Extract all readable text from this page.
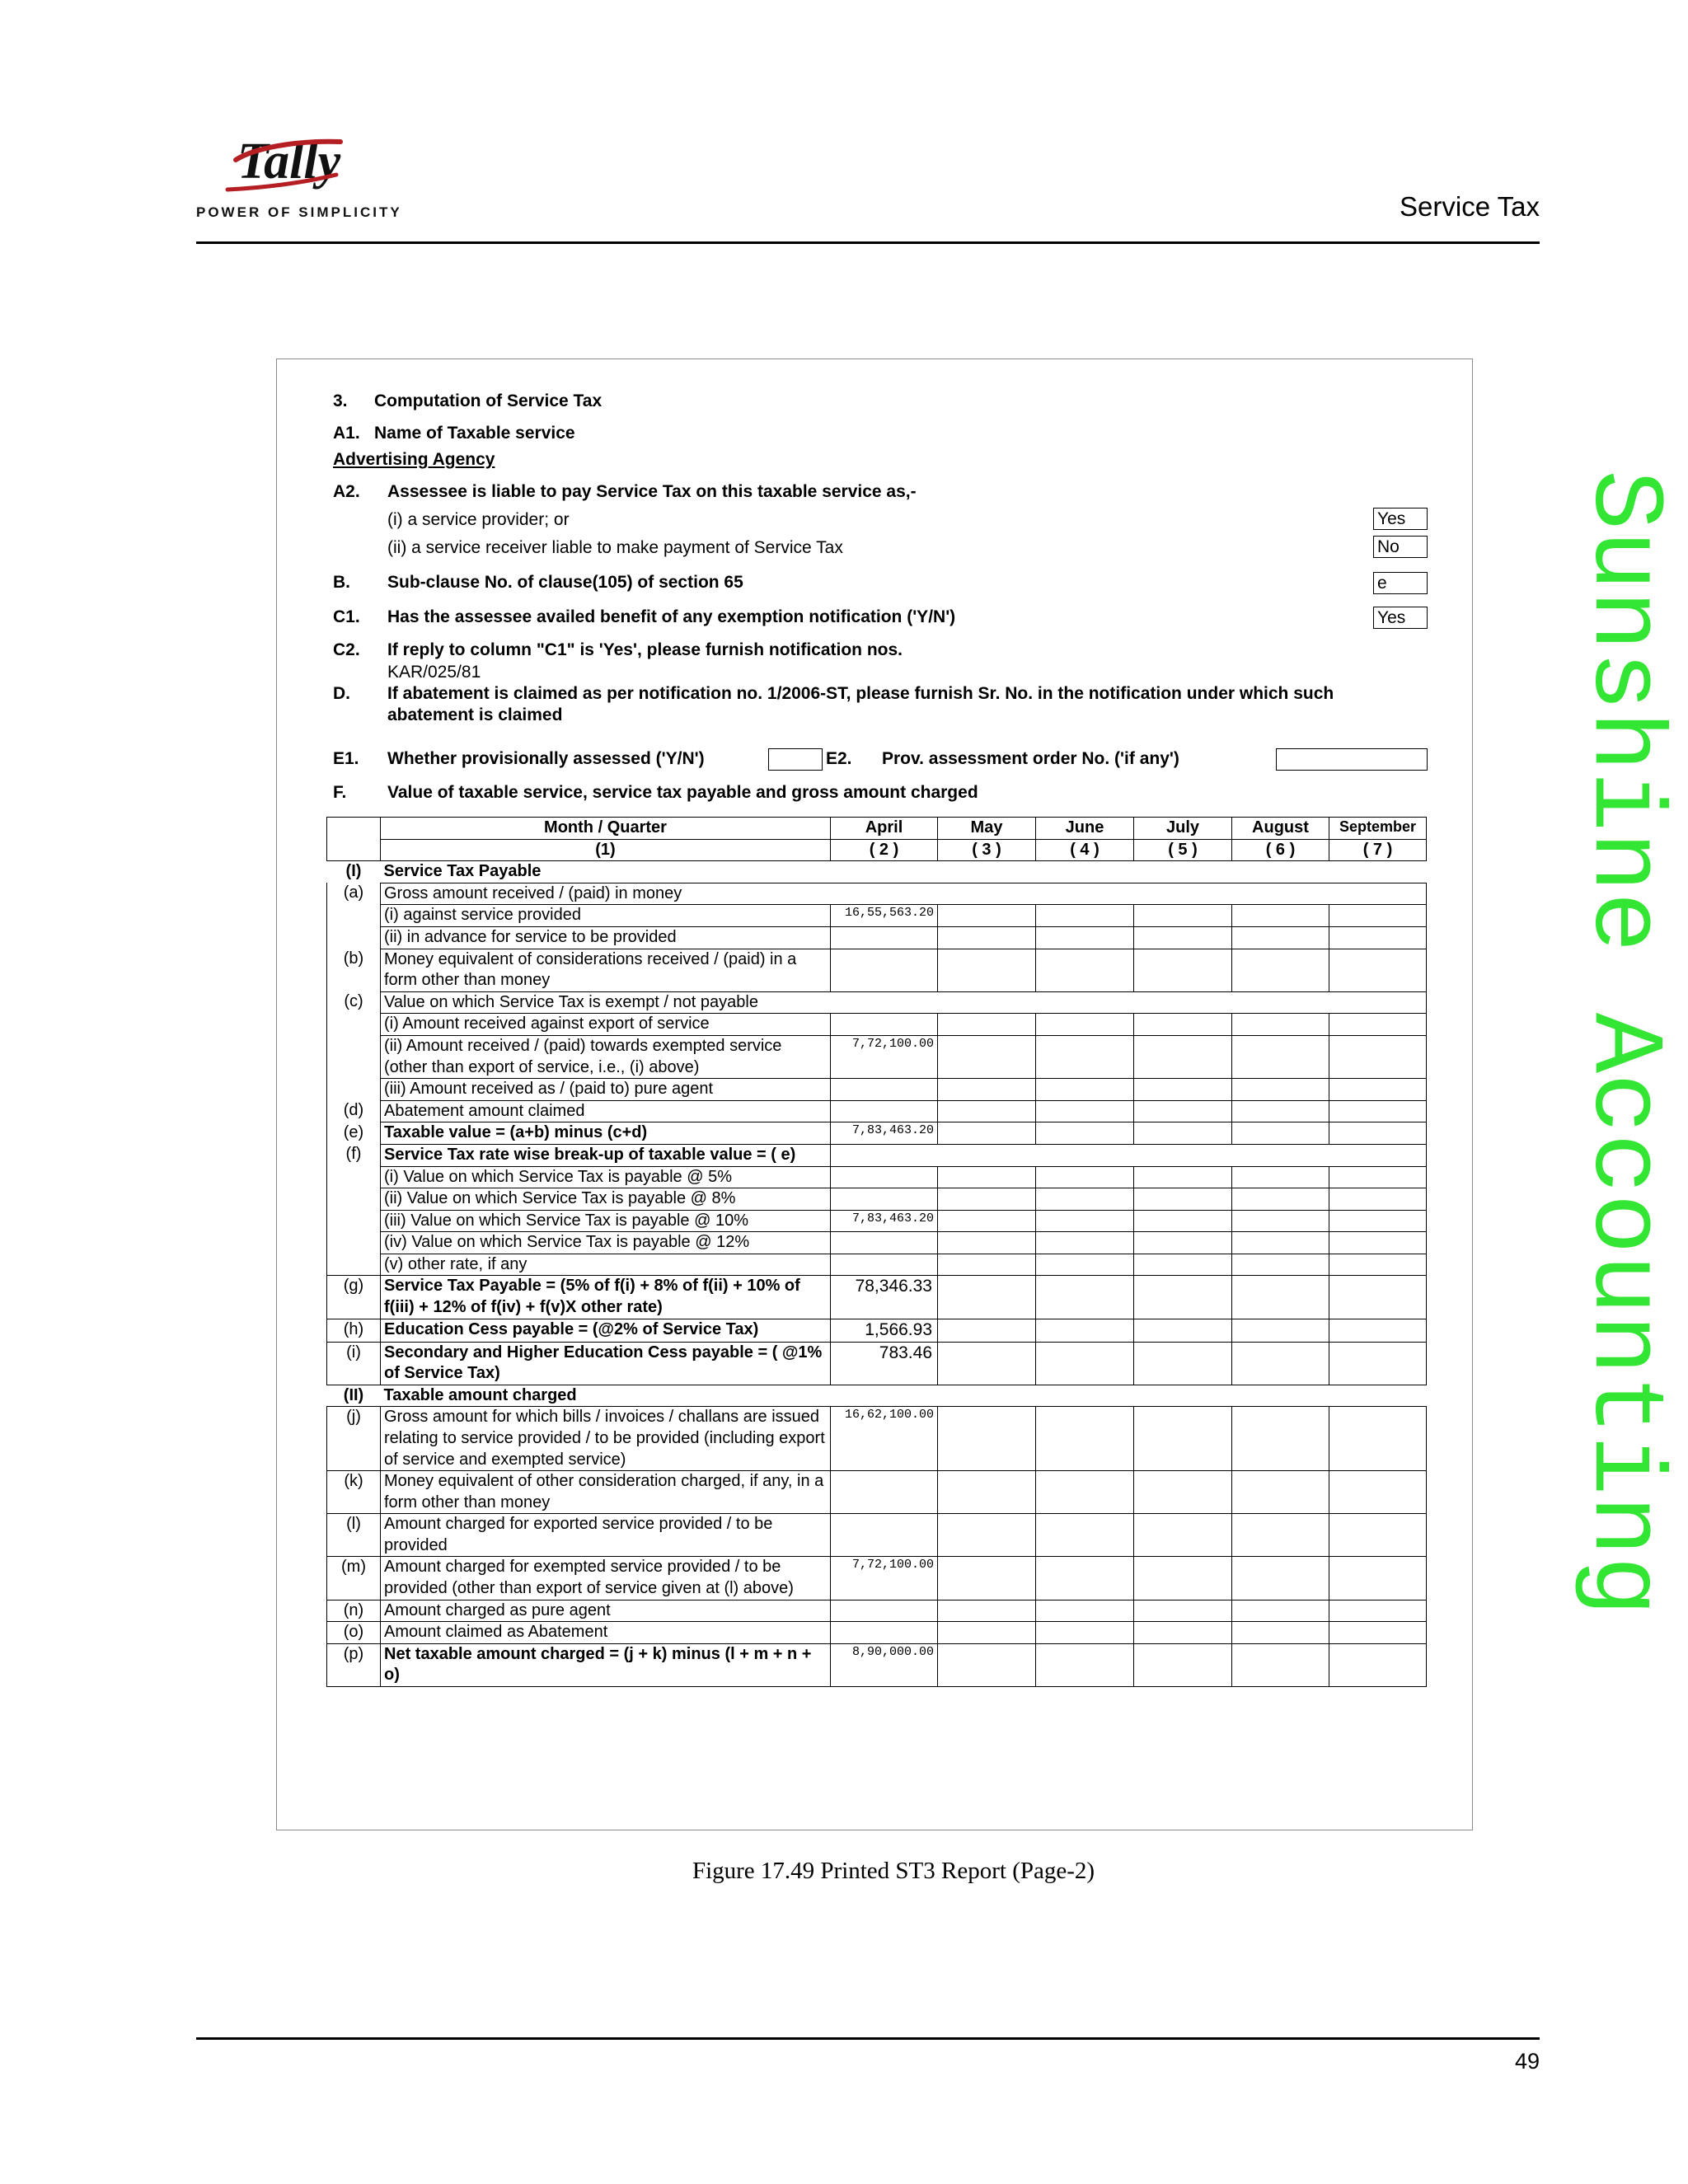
Tally
POWER OF SIMPLICITY	Service Tax
Sunshine Accounting
3. Computation of Service Tax
A1. Name of Taxable service
Advertising Agency
A2. Assessee is liable to pay Service Tax on this taxable service as,-
(i) a service provider; or	Yes
(ii) a service receiver liable to make payment of Service Tax	No
B. Sub-clause No. of clause(105) of section 65	e
C1. Has the assessee availed benefit of any exemption notification ('Y/N')	Yes
C2. If reply to column "C1" is 'Yes', please furnish notification nos.
KAR/025/81
D. If abatement is claimed as per notification no. 1/2006-ST, please furnish Sr. No. in the notification under which such
abatement is claimed
E1. Whether provisionally assessed ('Y/N')	E2. Prov. assessment order No. ('if any')
F. Value of taxable service, service tax payable and gross amount charged
	Month / Quarter	April	May	June	July	August	September
	(1)	( 2 )	( 3 )	( 4 )	( 5 )	( 6 )	( 7 )
(I)	Service Tax Payable						
(a)	Gross amount received / (paid) in money						
	(i) against service provided	16,55,563.20					
	(ii) in advance for service to be provided						
(b)	Money equivalent of considerations received / (paid) in a form other than money						
(c)	Value on which Service Tax is exempt / not payable						
	(i) Amount received against export of service						
	(ii) Amount received / (paid) towards exempted service (other than export of service, i.e., (i) above)	7,72,100.00					
	(iii) Amount received as / (paid to) pure agent						
(d)	Abatement amount claimed						
(e)	Taxable value = (a+b) minus (c+d)	7,83,463.20					
(f)	Service Tax rate wise break-up of taxable value = ( e)						
	(i) Value on which Service Tax is payable @ 5%						
	(ii) Value on which Service Tax is payable @ 8%						
	(iii) Value on which Service Tax is payable @ 10%	7,83,463.20					
	(iv) Value on which Service Tax is payable @ 12%						
	(v) other rate, if any						
(g)	Service Tax Payable = (5% of f(i) + 8% of f(ii) + 10% of f(iii) + 12% of f(iv) + f(v)X other rate)	78,346.33					
(h)	Education Cess payable = (@2% of Service Tax)	1,566.93					
(i)	Secondary and Higher Education Cess payable = ( @1% of Service Tax)	783.46					
(II)	Taxable amount charged						
(j)	Gross amount for which bills / invoices / challans are issued relating to service provided / to be provided (including export of service and exempted service)	16,62,100.00					
(k)	Money equivalent of other consideration charged, if any, in a form other than money						
(l)	Amount charged for exported service provided / to be provided						
(m)	Amount charged for exempted service provided / to be provided (other than export of service given at (l) above)	7,72,100.00					
(n)	Amount charged as pure agent						
(o)	Amount claimed as Abatement						
(p)	Net taxable amount charged = (j + k) minus (l + m + n + o)	8,90,000.00					
Figure 17.49 Printed ST3 Report (Page-2)
49
